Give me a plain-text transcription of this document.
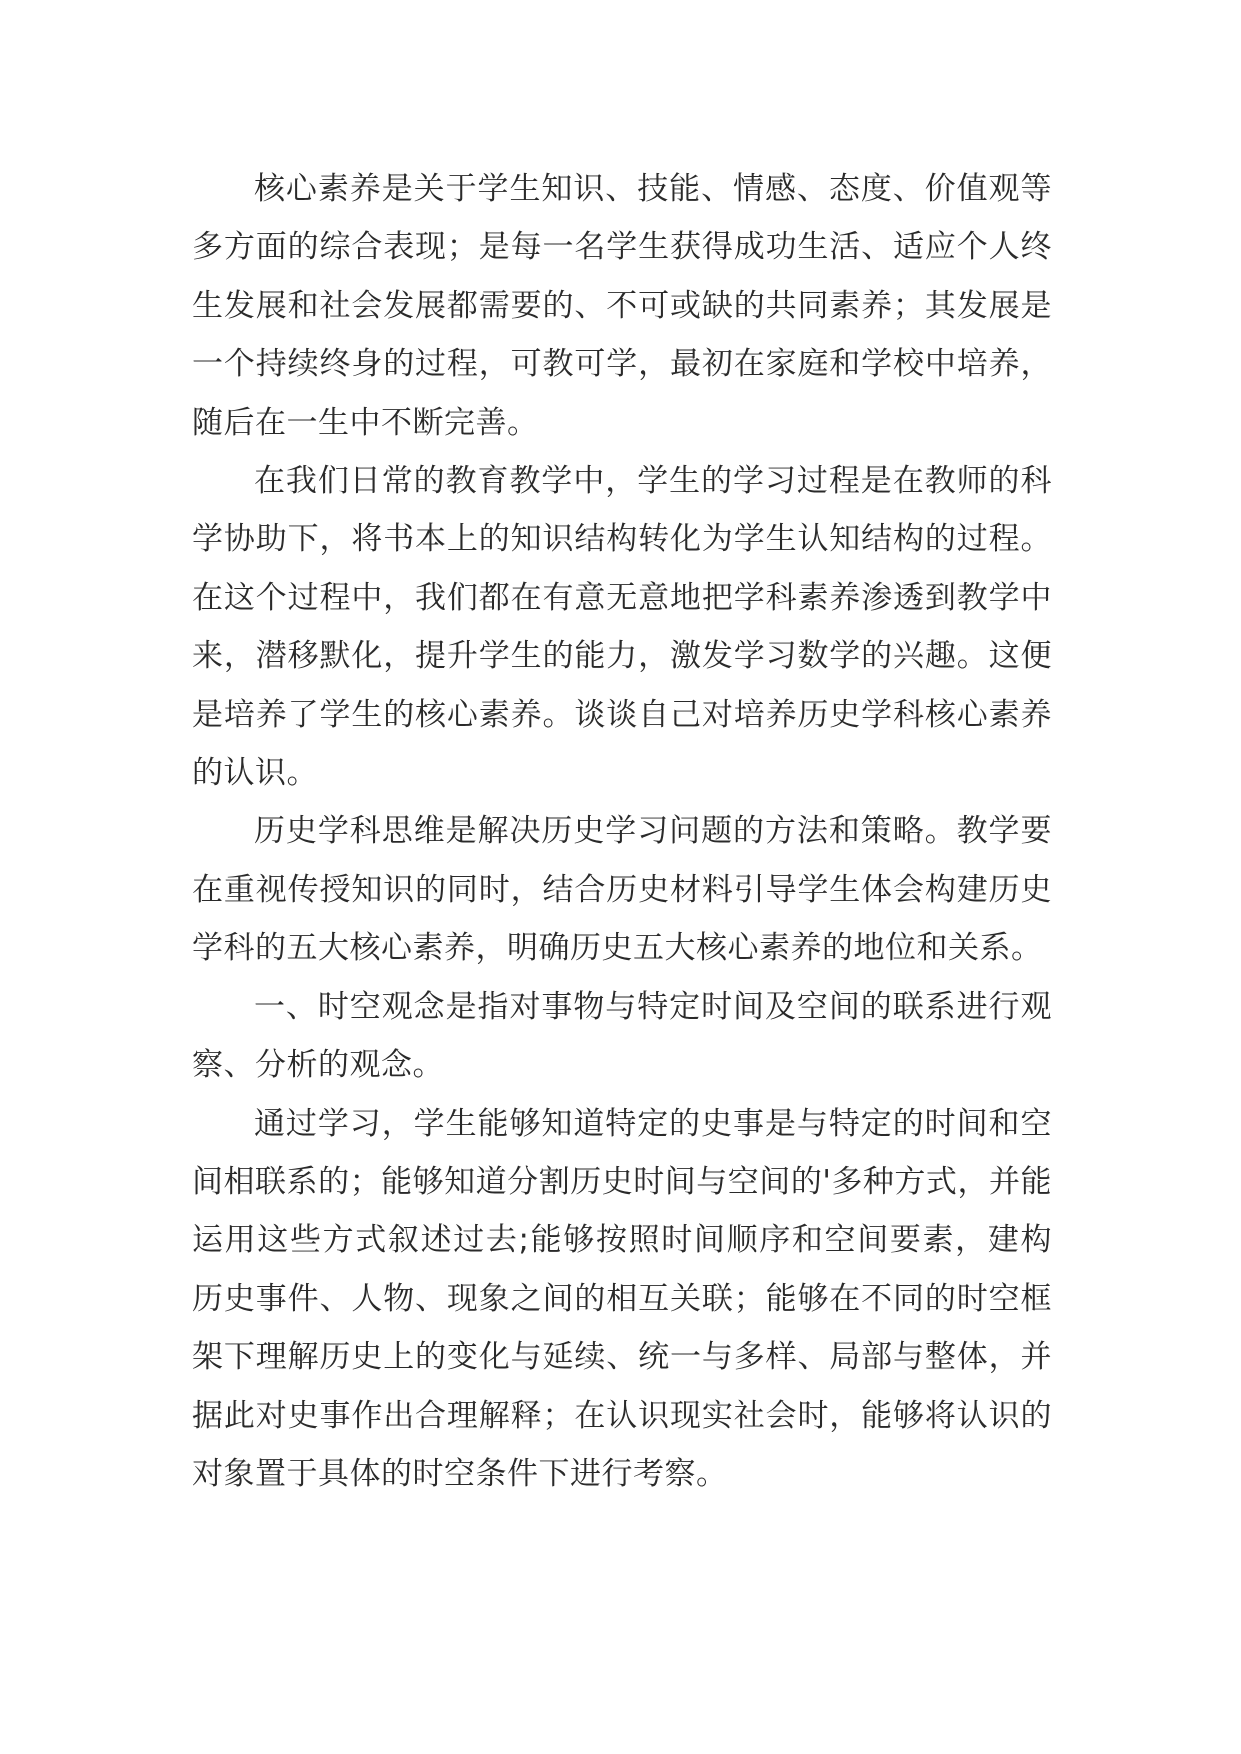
核心素养是关于学生知识、技能、情感、态度、价值观等多方面的综合表现；是每一名学生获得成功生活、适应个人终生发展和社会发展都需要的、不可或缺的共同素养；其发展是一个持续终身的过程，可教可学，最初在家庭和学校中培养，随后在一生中不断完善。

在我们日常的教育教学中，学生的学习过程是在教师的科学协助下，将书本上的知识结构转化为学生认知结构的过程。在这个过程中，我们都在有意无意地把学科素养渗透到教学中来，潜移默化，提升学生的能力，激发学习数学的兴趣。这便是培养了学生的核心素养。谈谈自己对培养历史学科核心素养的认识。

历史学科思维是解决历史学习问题的方法和策略。教学要在重视传授知识的同时，结合历史材料引导学生体会构建历史学科的五大核心素养，明确历史五大核心素养的地位和关系。

一、时空观念是指对事物与特定时间及空间的联系进行观察、分析的观念。

通过学习，学生能够知道特定的史事是与特定的时间和空间相联系的；能够知道分割历史时间与空间的'多种方式，并能运用这些方式叙述过去;能够按照时间顺序和空间要素，建构历史事件、人物、现象之间的相互关联；能够在不同的时空框架下理解历史上的变化与延续、统一与多样、局部与整体，并据此对史事作出合理解释；在认识现实社会时，能够将认识的对象置于具体的时空条件下进行考察。
